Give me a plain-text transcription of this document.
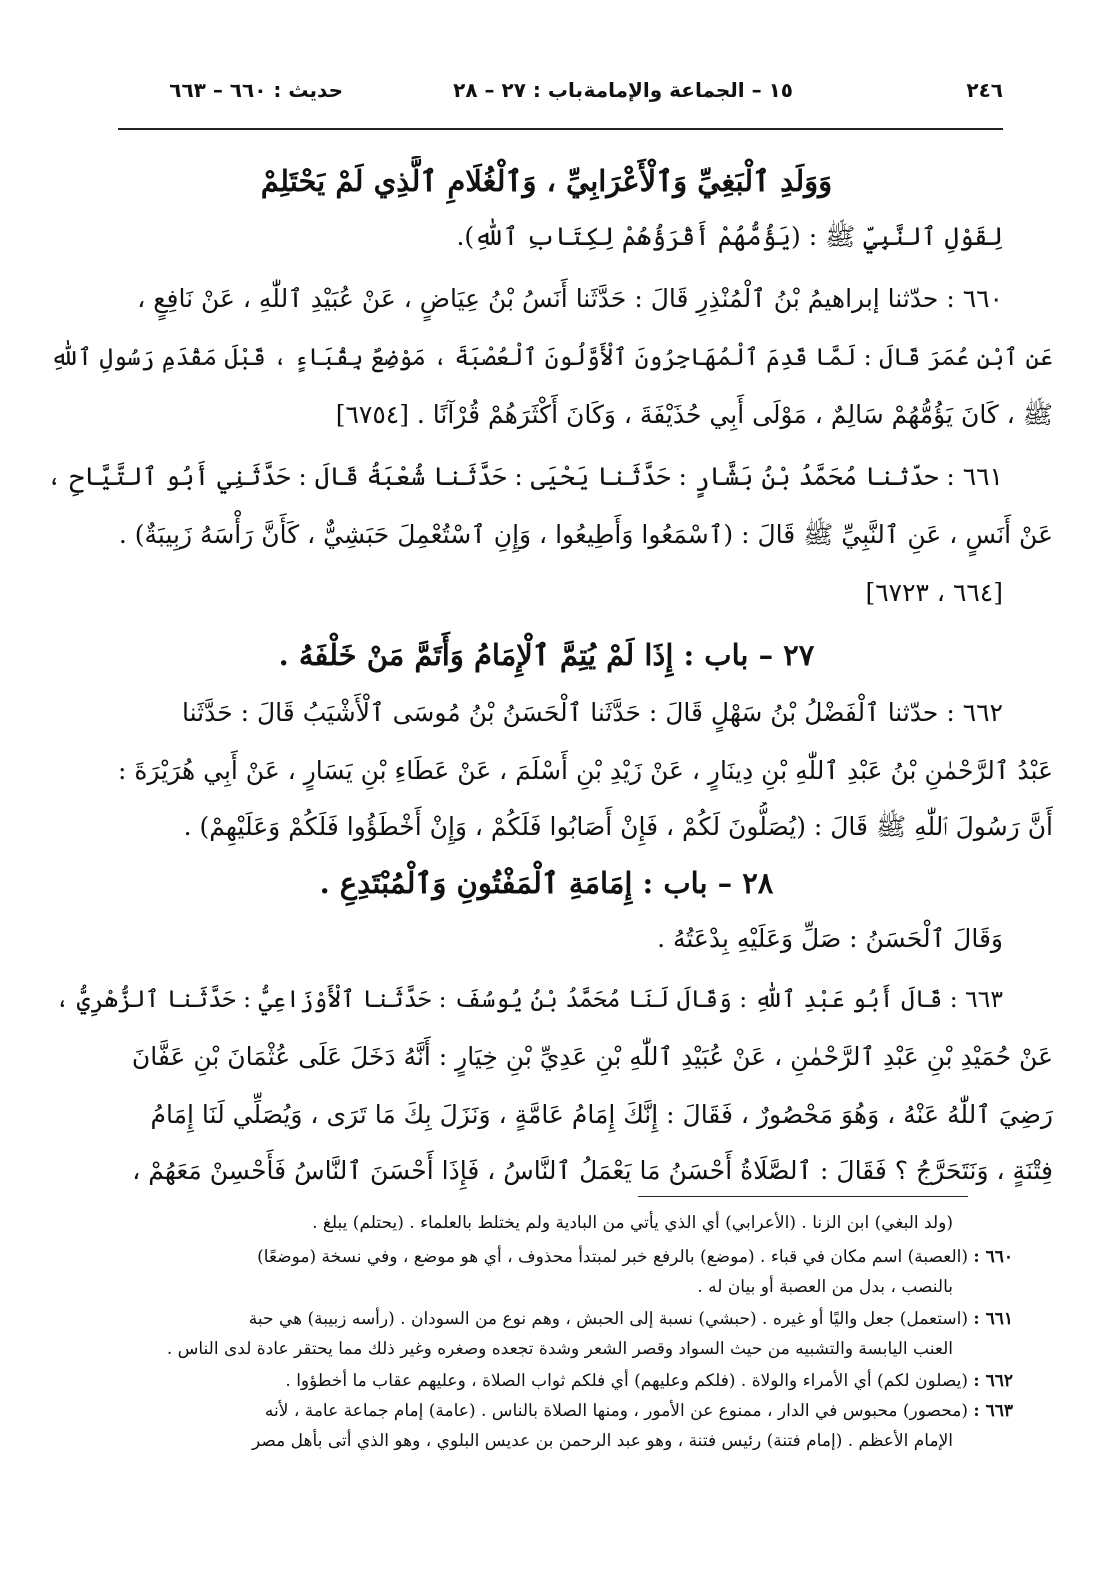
٢٤٦
١٥ – الجماعة والإمامة
باب : ٢٧ – ٢٨
حديث : ٦٦٠ – ٦٦٣
وَوَلَدِ ٱلْبَغِيِّ وَٱلْأَعْرَابِيِّ ، وَٱلْغُلَامِ ٱلَّذِي لَمْ يَحْتَلِمْ
لِقَوْلِ ٱلنَّبِيِّ ﷺ : (يَؤُمُّهُمْ أَقْرَؤُهُمْ لِكِتَابِ ٱللّٰهِ).
٦٦٠ : حدّثنا إبراهيمُ بْنُ ٱلْمُنْذِرِ قَالَ : حَدَّثَنا أَنَسُ بْنُ عِيَاضٍ ، عَنْ عُبَيْدِ ٱللّٰهِ ، عَنْ نَافِعٍ ،
عَنِ ٱبْنِ عُمَرَ قَالَ : لَمَّا قَدِمَ ٱلْمُهَاجِرُونَ ٱلْأَوَّلُونَ ٱلْعُصْبَةَ ، مَوْضِعٌ بِقُبَاءٍ ، قَبْلَ مَقْدَمِ رَسُولِ ٱللّٰهِ
ﷺ ، كَانَ يَؤُمُّهُمْ سَالِمٌ ، مَوْلَى أَبِي حُذَيْفَةَ ، وَكَانَ أَكْثَرَهُمْ قُرْآنًا . [٦٧٥٤]
٦٦١ : حدّثنا مُحَمَّدُ بْنُ بَشَّارٍ : حَدَّثَنا يَحْيَى : حَدَّثَنا شُعْبَةُ قَالَ : حَدَّثَنِي أَبُو ٱلتَّيَّاحِ ،
عَنْ أَنَسٍ ، عَنِ ٱلنَّبِيِّ ﷺ قَالَ : (ٱسْمَعُوا وَأَطِيعُوا ، وَإِنِ ٱسْتُعْمِلَ حَبَشِيٌّ ، كَأَنَّ رَأْسَهُ زَبِيبَةٌ) .
[٦٦٤ ، ٦٧٢٣]
٢٧ – باب : إِذَا لَمْ يُتِمَّ ٱلْإِمَامُ وَأَتَمَّ مَنْ خَلْفَهُ .
٦٦٢ : حدّثنا ٱلْفَضْلُ بْنُ سَهْلٍ قَالَ : حَدَّثَنا ٱلْحَسَنُ بْنُ مُوسَى ٱلْأَشْيَبُ قَالَ : حَدَّثَنا
عَبْدُ ٱلرَّحْمٰنِ بْنُ عَبْدِ ٱللّٰهِ بْنِ دِينَارٍ ، عَنْ زَيْدِ بْنِ أَسْلَمَ ، عَنْ عَطَاءِ بْنِ يَسَارٍ ، عَنْ أَبِي هُرَيْرَةَ :
أَنَّ رَسُولَ ٱللّٰهِ ﷺ قَالَ : (يُصَلُّونَ لَكُمْ ، فَإِنْ أَصَابُوا فَلَكُمْ ، وَإِنْ أَخْطَؤُوا فَلَكُمْ وَعَلَيْهِمْ) .
٢٨ – باب : إِمَامَةِ ٱلْمَفْتُونِ وَٱلْمُبْتَدِعِ .
وَقَالَ ٱلْحَسَنُ : صَلِّ وَعَلَيْهِ بِدْعَتُهُ .
٦٦٣ : قَالَ أَبُو عَبْدِ ٱللّٰهِ : وَقَالَ لَنَا مُحَمَّدُ بْنُ يُوسُفَ : حَدَّثَنا ٱلْأَوْزَاعِيُّ : حَدَّثَنا ٱلزُّهْرِيُّ ،
عَنْ حُمَيْدِ بْنِ عَبْدِ ٱلرَّحْمٰنِ ، عَنْ عُبَيْدِ ٱللّٰهِ بْنِ عَدِيِّ بْنِ خِيَارٍ : أَنَّهُ دَخَلَ عَلَى عُثْمَانَ بْنِ عَفَّانَ
رَضِيَ ٱللّٰهُ عَنْهُ ، وَهُوَ مَحْصُورٌ ، فَقَالَ : إِنَّكَ إِمَامُ عَامَّةٍ ، وَنَزَلَ بِكَ مَا تَرَى ، وَيُصَلِّي لَنَا إِمَامُ
فِتْنَةٍ ، وَنَتَحَرَّجُ ؟ فَقَالَ : ٱلصَّلَاةُ أَحْسَنُ مَا يَعْمَلُ ٱلنَّاسُ ، فَإِذَا أَحْسَنَ ٱلنَّاسُ فَأَحْسِنْ مَعَهُمْ ،
(ولد البغي) ابن الزنا . (الأعرابي) أي الذي يأتي من البادية ولم يختلط بالعلماء . (يحتلم) يبلغ .
٦٦٠ : (العصبة) اسم مكان في قباء . (موضع) بالرفع خبر لمبتدأ محذوف ، أي هو موضع ، وفي نسخة (موضعًا)
بالنصب ، بدل من العصبة أو بيان له .
٦٦١ : (استعمل) جعل واليًا أو غيره . (حبشي) نسبة إلى الحبش ، وهم نوع من السودان . (رأسه زبيبة) هي حبة
العنب اليابسة والتشبيه من حيث السواد وقصر الشعر وشدة تجعده وصغره وغير ذلك مما يحتقر عادة لدى الناس .
٦٦٢ : (يصلون لكم) أي الأمراء والولاة . (فلكم وعليهم) أي فلكم ثواب الصلاة ، وعليهم عقاب ما أخطؤوا .
٦٦٣ : (محصور) محبوس في الدار ، ممنوع عن الأمور ، ومنها الصلاة بالناس . (عامة) إمام جماعة عامة ، لأنه
الإمام الأعظم . (إمام فتنة) رئيس فتنة ، وهو عبد الرحمن بن عديس البلوي ، وهو الذي أتى بأهل مصر
